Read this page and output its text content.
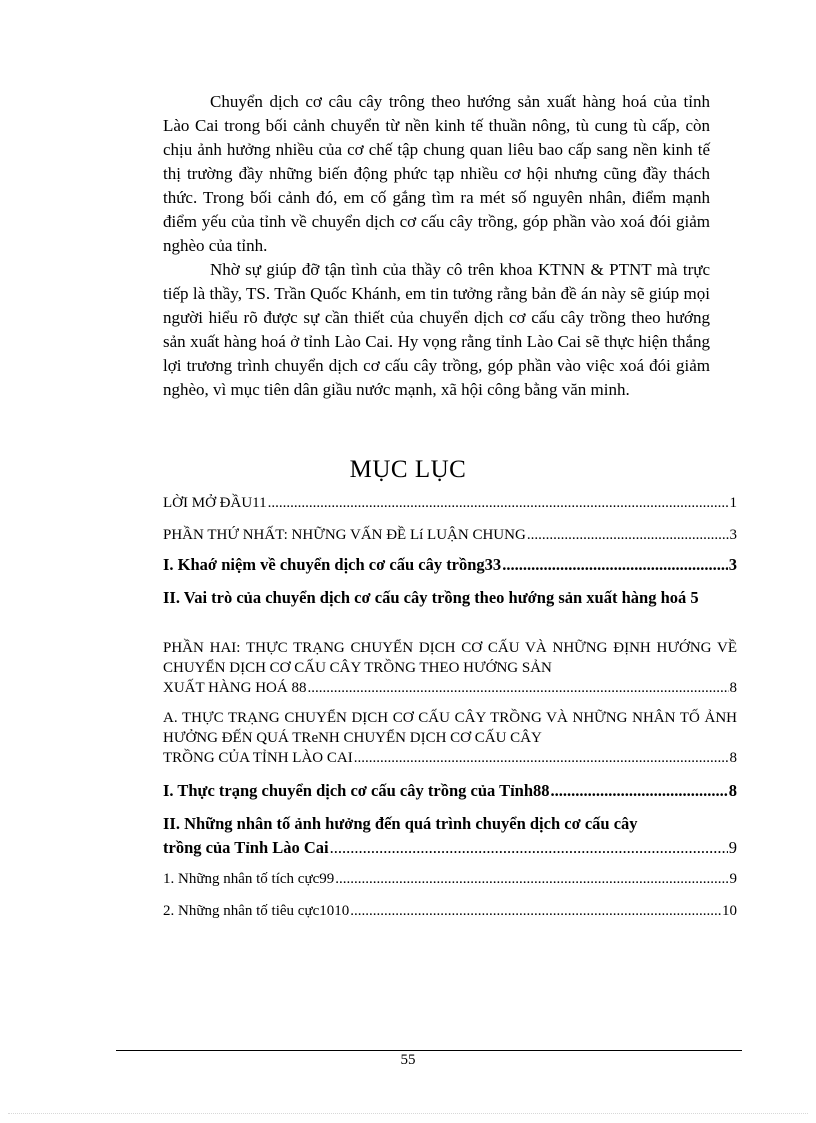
Chuyển dịch cơ câu cây trông theo hướng sản xuất hàng hoá của tỉnh Lào Cai trong bối cảnh chuyển từ nền kinh tế thuần nông, tù cung tù cấp, còn chịu ảnh hưởng nhiều của cơ chế tập chung quan liêu bao cấp sang nền kinh tế thị trường đầy những biến động phức tạp nhiều cơ hội nhưng cũng đầy thách thức. Trong bối cảnh đó, em cố gắng tìm ra mét số nguyên nhân, điểm mạnh điểm yếu của tỉnh về chuyển dịch cơ cấu cây trồng, góp phần vào xoá đói giảm nghèo của tỉnh.

Nhờ sự giúp đỡ tận tình của thầy cô trên khoa KTNN & PTNT mà trực tiếp là thầy, TS. Trần Quốc Khánh, em tin tưởng rằng bản đề án này sẽ giúp mọi người hiểu rõ được sự cần thiết của chuyển dịch cơ cấu cây trồng theo hướng sản xuất hàng hoá ở tỉnh Lào Cai. Hy vọng rằng tỉnh Lào Cai sẽ thực hiện thắng lợi trương trình chuyển dịch cơ cấu cây trồng, góp phần vào việc xoá đói giảm nghèo, vì mục tiên dân giầu nước mạnh, xã hội công bằng văn minh.

MỤC LỤC
LỜI MỞ ĐẦU11 .....	1
PHẦN THỨ NHẤT: NHỮNG VẤN ĐỀ Lí LUẬN CHUNG .....	3
I. Khaớ niệm về chuyển dịch cơ cấu cây trồng33 .....	3
II. Vai trò của chuyển dịch cơ cấu cây trồng theo hướng sản xuất hàng hoá 5
PHẦN HAI: THỰC TRẠNG CHUYỂN DỊCH CƠ CẤU VÀ NHỮNG ĐỊNH HƯỚNG VỀ CHUYỂN DỊCH CƠ CẤU CÂY TRỒNG THEO HƯỚNG SẢN
XUẤT HÀNG HOÁ 88 .....	8
A. THỰC TRẠNG CHUYỂN DỊCH CƠ CẤU CÂY TRỒNG VÀ NHỮNG NHÂN TỐ ẢNH HƯỞNG ĐẾN QUÁ TReNH CHUYỂN DỊCH CƠ CẤU CÂY
TRỒNG CỦA TỈNH LÀO CAI .....	8
I. Thực trạng chuyển dịch cơ cấu cây trồng của Tỉnh88 .....	8
II. Những nhân tố ảnh hưởng đến quá trình chuyển dịch cơ cấu cây
trồng của Tỉnh Lào Cai .....	9
1. Những nhân tố tích cực99 .....	9
2. Những nhân tố tiêu cực1010 .....	10
55
